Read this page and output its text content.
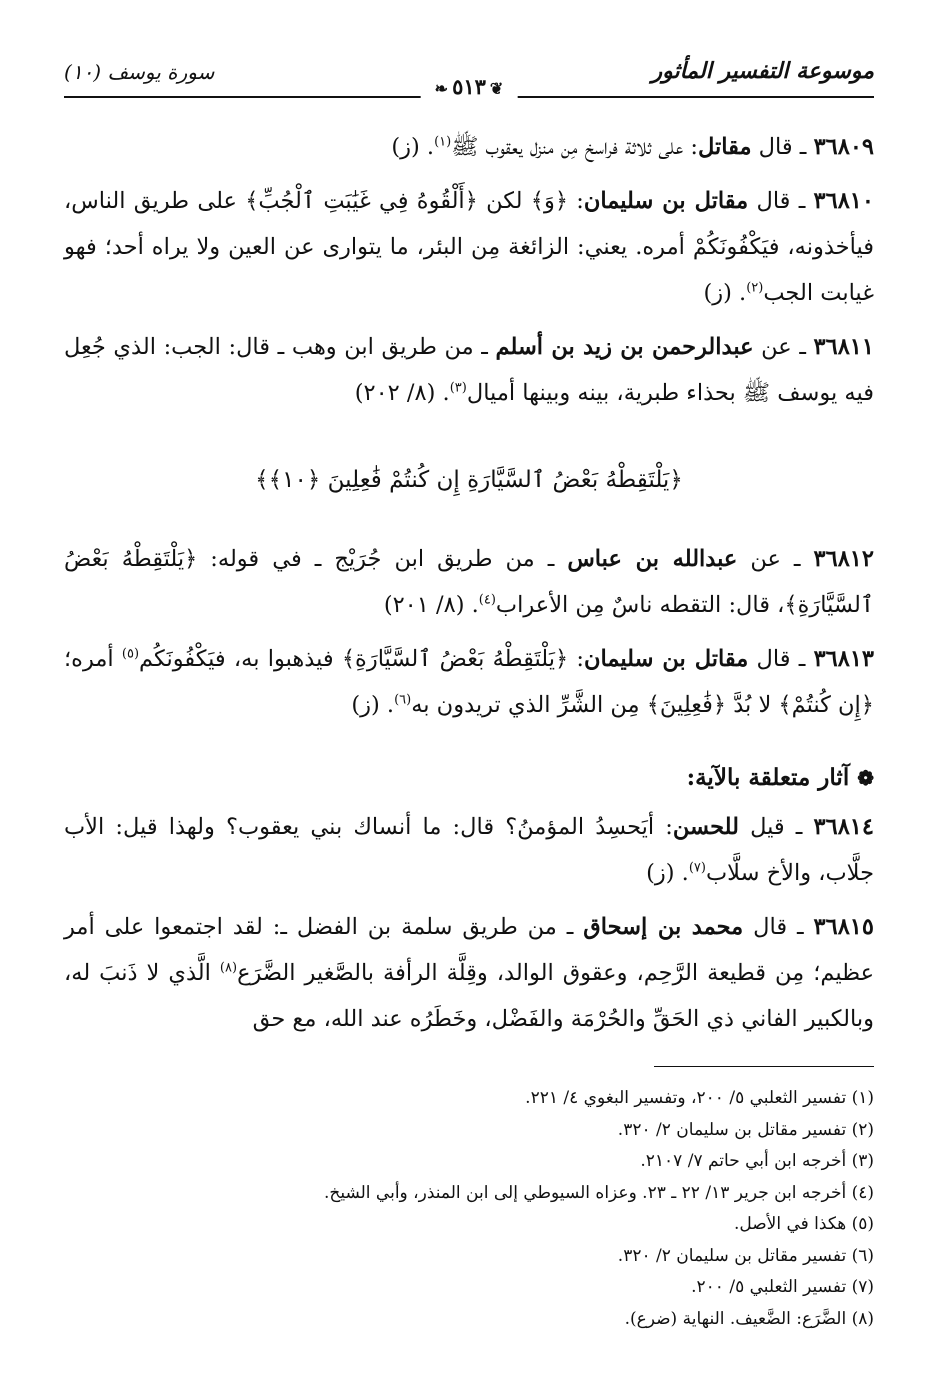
موسوعة التفسير المأثور
❦٥١٣❧
سورة يوسف (١٠)

٣٦٨٠٩ ـ قال مقاتل: على ثلاثة فراسخ مِن منزل يعقوب ﷺ$^{(١)}$. (ز)

٣٦٨١٠ ـ قال مقاتل بن سليمان: ﴿وَ﴾ لكن ﴿أَلْقُوهُ فِي غَيَٰبَتِ ٱلْجُبِّ﴾ على طريق الناس، فيأخذونه، فيَكْفُونَكُمْ أمره. يعني: الزائغة مِن البئر، ما يتوارى عن العين ولا يراه أحد؛ فهو غيابت الجب$^{(٢)}$. (ز)

٣٦٨١١ ـ عن عبدالرحمن بن زيد بن أسلم ـ من طريق ابن وهب ـ قال: الجب: الذي جُعِل فيه يوسف ﷺ بحذاء طبرية، بينه وبينها أميال$^{(٣)}$. (٨/ ٢٠٢)

﴿يَلْتَقِطْهُ بَعْضُ ٱلسَّيَّارَةِ إِن كُنتُمْ فَٰعِلِينَ ﴿١٠﴾﴾

٣٦٨١٢ ـ عن عبدالله بن عباس ـ من طريق ابن جُرَيْج ـ في قوله: ﴿يَلْتَقِطْهُ بَعْضُ ٱلسَّيَّارَةِ﴾، قال: التقطه ناسٌ مِن الأعراب$^{(٤)}$. (٨/ ٢٠١)

٣٦٨١٣ ـ قال مقاتل بن سليمان: ﴿يَلْتَقِطْهُ بَعْضُ ٱلسَّيَّارَةِ﴾ فيذهبوا به، فيَكْفُونَكُم$^{(٥)}$ أمره؛ ﴿إِن كُنتُمْ﴾ لا بُدَّ ﴿فَٰعِلِينَ﴾ مِن الشَّرِّ الذي تريدون به$^{(٦)}$. (ز)

❁ آثار متعلقة بالآية:

٣٦٨١٤ ـ قيل للحسن: أيَحسِدُ المؤمنُ؟ قال: ما أنساك بني يعقوب؟ ولهذا قيل: الأب جلَّاب، والأخ سلَّاب$^{(٧)}$. (ز)

٣٦٨١٥ ـ قال محمد بن إسحاق ـ من طريق سلمة بن الفضل ـ: لقد اجتمعوا على أمر عظيم؛ مِن قطيعة الرَّحِم، وعقوق الوالد، وقِلَّة الرأفة بالصَّغير الضَّرَع$^{(٨)}$ الَّذي لا ذَنبَ له، وبالكبير الفاني ذي الحَقِّ والحُرْمَة والفَضْل، وخَطَرُه عند الله، مع حق

(١) تفسير الثعلبي ٥/ ٢٠٠، وتفسير البغوي ٤/ ٢٢١.
(٢) تفسير مقاتل بن سليمان ٢/ ٣٢٠.
(٣) أخرجه ابن أبي حاتم ٧/ ٢١٠٧.
(٤) أخرجه ابن جرير ١٣/ ٢٢ ـ ٢٣. وعزاه السيوطي إلى ابن المنذر، وأبي الشيخ.
(٥) هكذا في الأصل.
(٦) تفسير مقاتل بن سليمان ٢/ ٣٢٠.
(٧) تفسير الثعلبي ٥/ ٢٠٠.
(٨) الضَّرَع: الضَّعيف. النهاية (ضرع).
